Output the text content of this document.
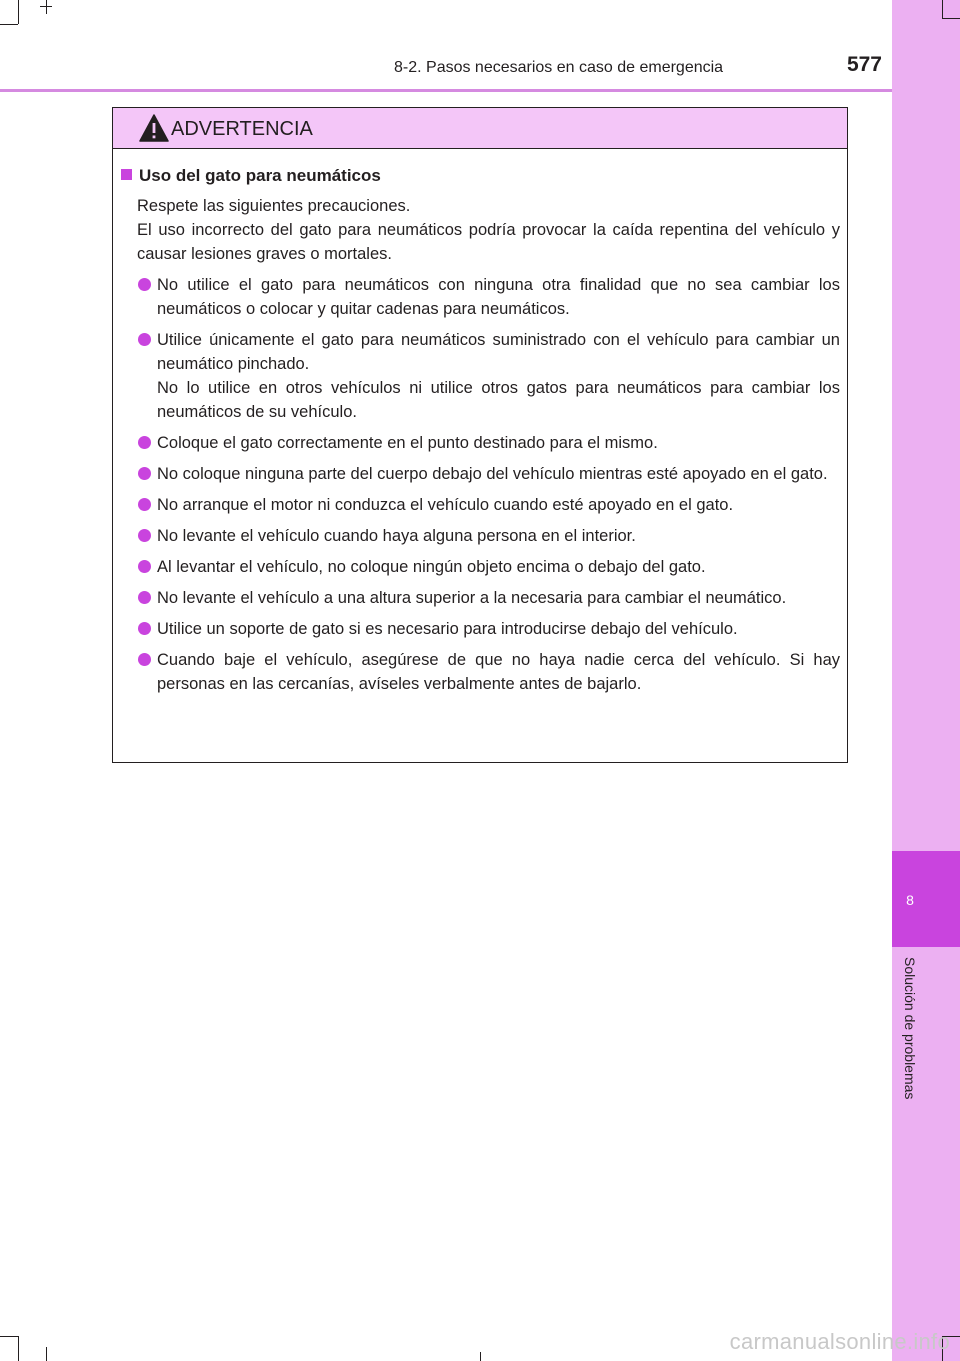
8-2. Pasos necesarios en caso de emergencia	577
8
Solución de problemas
ADVERTENCIA
Uso del gato para neumáticos

Respete las siguientes precauciones.

El uso incorrecto del gato para neumáticos podría provocar la caída repentina del vehículo y causar lesiones graves o mortales.

No utilice el gato para neumáticos con ninguna otra finalidad que no sea cambiar los neumáticos o colocar y quitar cadenas para neumáticos.

Utilice únicamente el gato para neumáticos suministrado con el vehículo para cambiar un neumático pinchado.

No lo utilice en otros vehículos ni utilice otros gatos para neumáticos para cambiar los neumáticos de su vehículo.

Coloque el gato correctamente en el punto destinado para el mismo.

No coloque ninguna parte del cuerpo debajo del vehículo mientras esté apoyado en el gato.

No arranque el motor ni conduzca el vehículo cuando esté apoyado en el gato.

No levante el vehículo cuando haya alguna persona en el interior.

Al levantar el vehículo, no coloque ningún objeto encima o debajo del gato.

No levante el vehículo a una altura superior a la necesaria para cambiar el neumático.

Utilice un soporte de gato si es necesario para introducirse debajo del vehículo.

Cuando baje el vehículo, asegúrese de que no haya nadie cerca del vehículo. Si hay personas en las cercanías, avíseles verbalmente antes de bajarlo.

carmanualsonline.info
